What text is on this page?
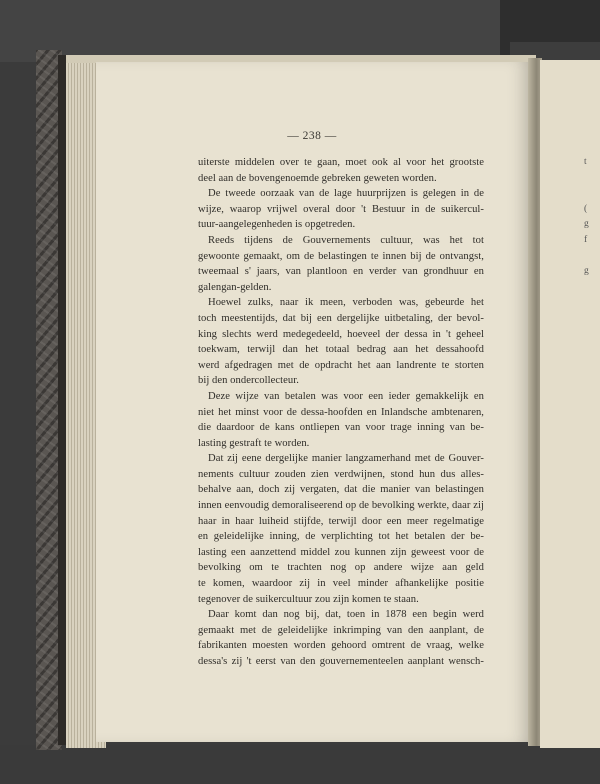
— 238 —
uiterste middelen over te gaan, moet ook al voor het grootste
deel aan de bovengenoemde gebreken geweten worden.
De tweede oorzaak van de lage huurprijzen is gelegen in de
wijze, waarop vrijwel overal door 't Bestuur in de suikercul-
tuur-aangelegenheden is opgetreden.
Reeds tijdens de Gouvernements cultuur, was het tot
gewoonte gemaakt, om de belastingen te innen bij de ontvangst,
tweemaal s' jaars, van plantloon en verder van grondhuur en
galengan-gelden.
Hoewel zulks, naar ik meen, verboden was, gebeurde het
toch meestentijds, dat bij een dergelijke uitbetaling, der bevol-
king slechts werd medegedeeld, hoeveel der dessa in 't geheel
toekwam, terwijl dan het totaal bedrag aan het dessahoofd
werd afgedragen met de opdracht het aan landrente te storten
bij den ondercollecteur.
Deze wijze van betalen was voor een ieder gemakkelijk en
niet het minst voor de dessa-hoofden en Inlandsche ambtenaren,
die daardoor de kans ontliepen van voor trage inning van be-
lasting gestraft te worden.
Dat zij eene dergelijke manier langzamerhand met de Gouver-
nements cultuur zouden zien verdwijnen, stond hun dus alles-
behalve aan, doch zij vergaten, dat die manier van belastingen
innen eenvoudig demoraliseerend op de bevolking werkte, daar zij
haar in haar luiheid stijfde, terwijl door een meer regelmatige
en geleidelijke inning, de verplichting tot het betalen der be-
lasting een aanzettend middel zou kunnen zijn geweest voor de
bevolking om te trachten nog op andere wijze aan geld
te komen, waardoor zij in veel minder afhankelijke positie
tegenover de suikercultuur zou zijn komen te staan.
Daar komt dan nog bij, dat, toen in 1878 een begin werd
gemaakt met de geleidelijke inkrimping van den aanplant, de
fabrikanten moesten worden gehoord omtrent de vraag, welke
dessa's zij 't eerst van den gouvernementeelen aanplant wensch-
t
(
g
f
g
